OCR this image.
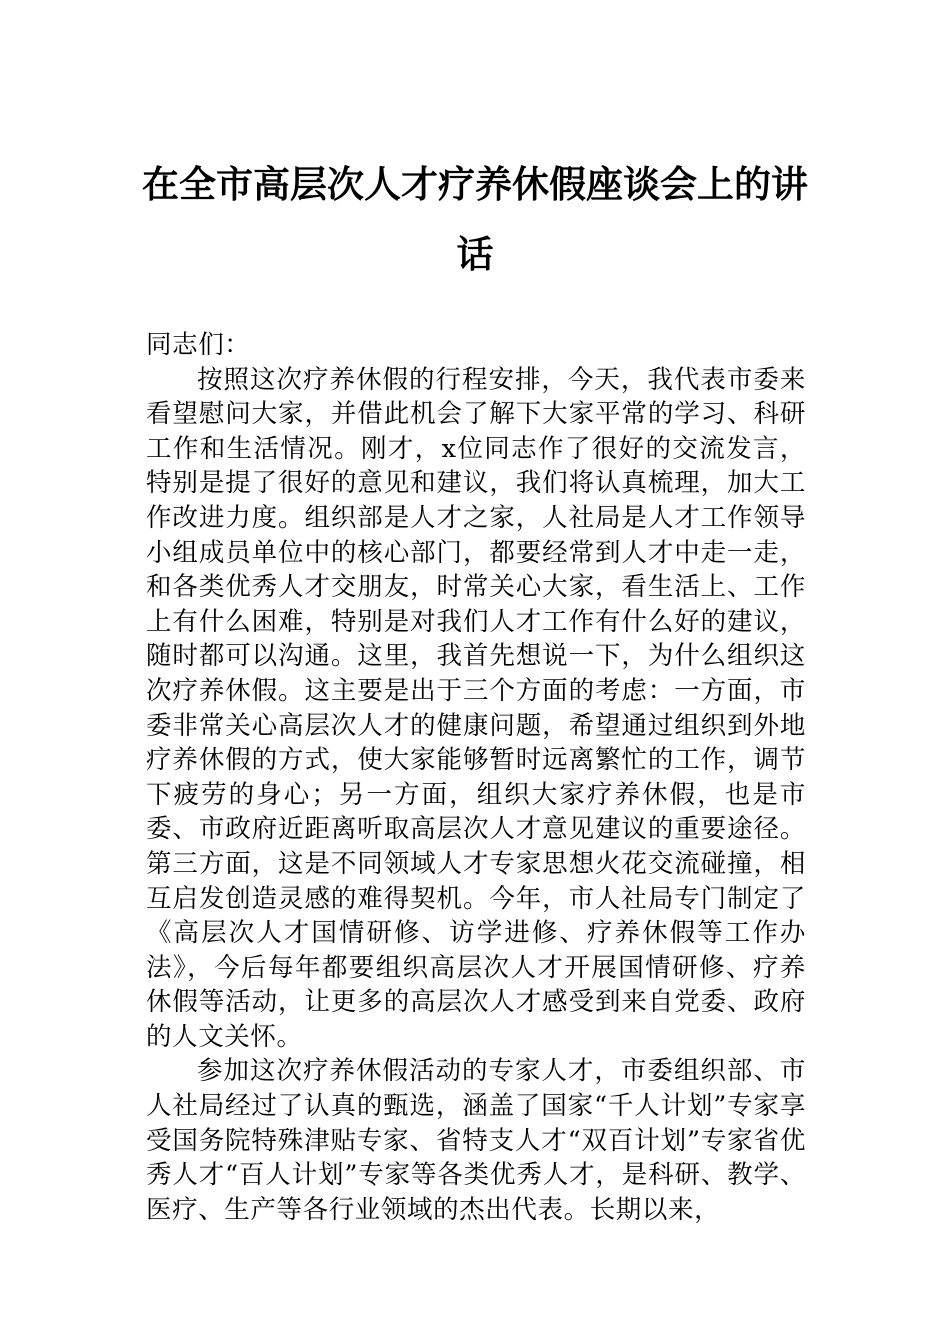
在全市高层次人才疗养休假座谈会上的讲
话

同志们：

按照这次疗养休假的行程安排，今天，我代表市委来看望慰问大家，并借此机会了解下大家平常的学习、科研工作和生活情况。刚才，x位同志作了很好的交流发言，特别是提了很好的意见和建议，我们将认真梳理，加大工作改进力度。组织部是人才之家，人社局是人才工作领导小组成员单位中的核心部门，都要经常到人才中走一走，和各类优秀人才交朋友，时常关心大家，看生活上、工作上有什么困难，特别是对我们人才工作有什么好的建议，随时都可以沟通。这里，我首先想说一下，为什么组织这次疗养休假。这主要是出于三个方面的考虑：一方面，市委非常关心高层次人才的健康问题，希望通过组织到外地疗养休假的方式，使大家能够暂时远离繁忙的工作，调节下疲劳的身心；另一方面，组织大家疗养休假，也是市委、市政府近距离听取高层次人才意见建议的重要途径。第三方面，这是不同领域人才专家思想火花交流碰撞，相互启发创造灵感的难得契机。今年，市人社局专门制定了《高层次人才国情研修、访学进修、疗养休假等工作办法》，今后每年都要组织高层次人才开展国情研修、疗养休假等活动，让更多的高层次人才感受到来自党委、政府的人文关怀。

参加这次疗养休假活动的专家人才，市委组织部、市人社局经过了认真的甄选，涵盖了国家“千人计划”专家享受国务院特殊津贴专家、省特支人才“双百计划”专家省优秀人才“百人计划”专家等各类优秀人才，是科研、教学、医疗、生产等各行业领域的杰出代表。长期以来，
